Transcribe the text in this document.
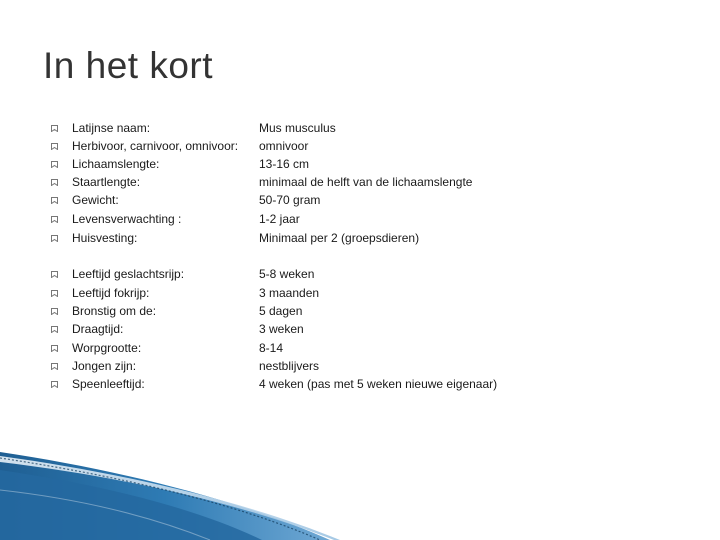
In het kort
Latijnse naam:	Mus musculus
Herbivoor, carnivoor, omnivoor: omnivoor
Lichaamslengte:	13-16 cm
Staartlengte:	minimaal de helft van de lichaamslengte
Gewicht:	50-70 gram
Levensverwachting :	1-2 jaar
Huisvesting:	Minimaal per 2 (groepsdieren)
Leeftijd geslachtsrijp:	5-8 weken
Leeftijd fokrijp:	3 maanden
Bronstig om de:	5 dagen
Draagtijd:	3 weken
Worpgrootte:	8-14
Jongen zijn:	nestblijvers
Speenleeftijd:	4 weken (pas met 5 weken nieuwe eigenaar)
